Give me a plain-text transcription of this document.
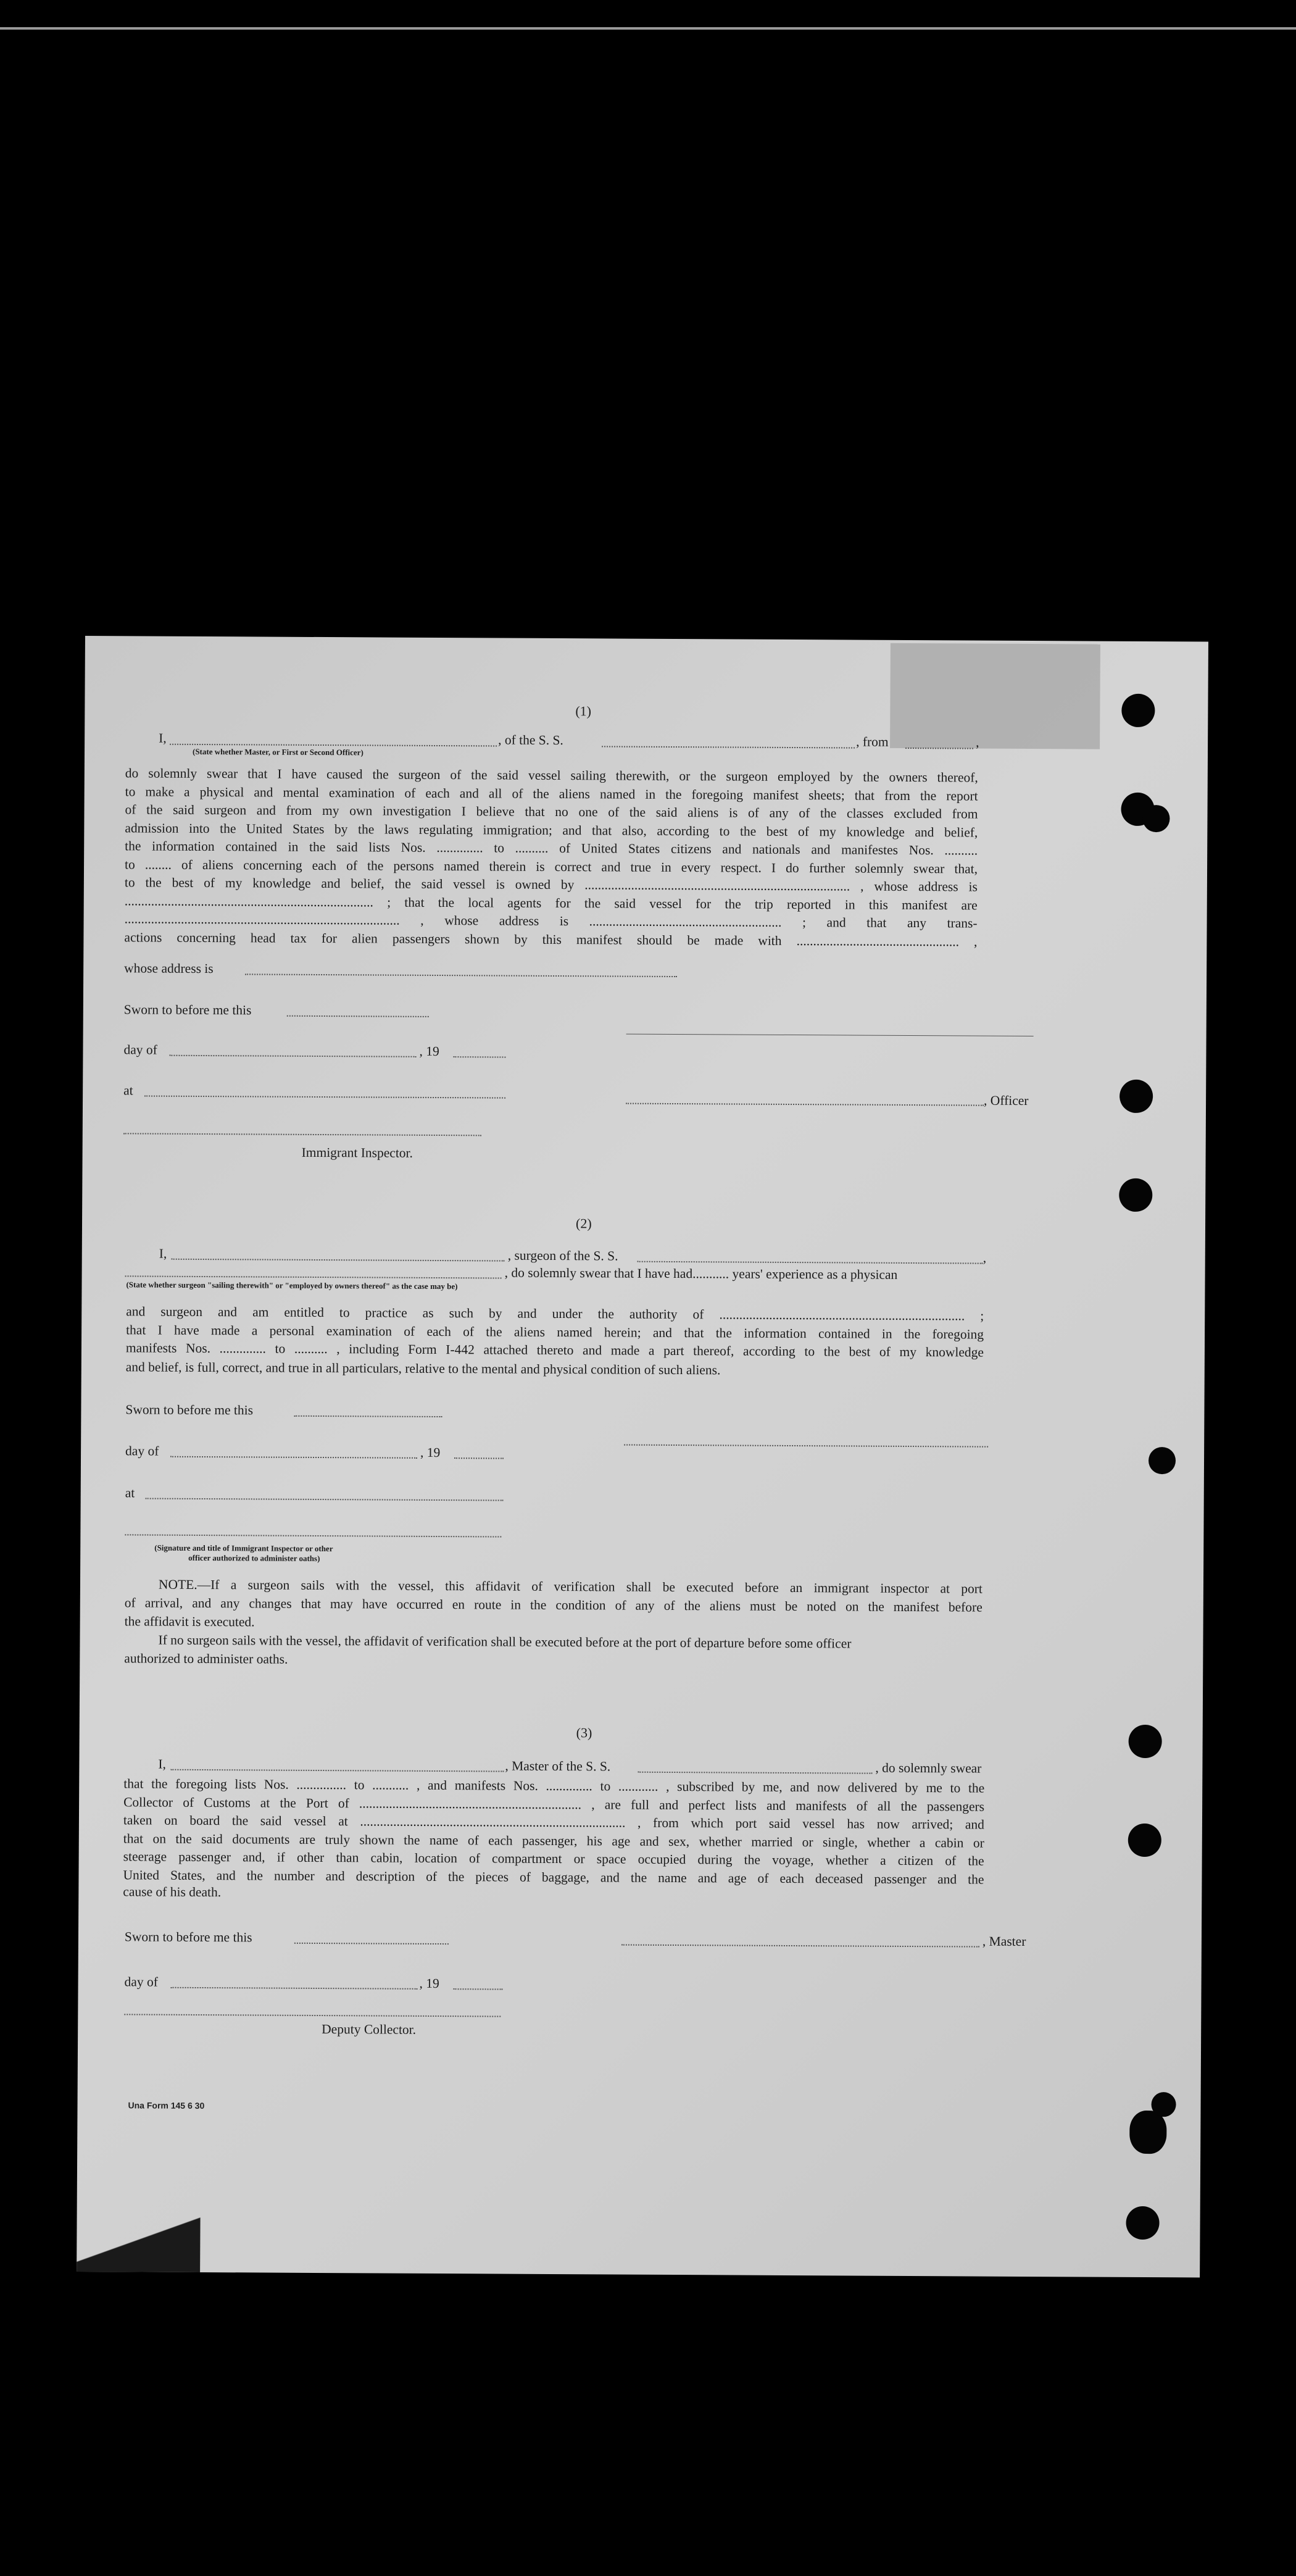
(1)
I,	, of the S. S.	, from	,
(State whether Master, or First or Second Officer)
do solemnly swear that I have caused the surgeon of the said vessel sailing therewith, or the surgeon employed by the owners thereof,
to make a physical and mental examination of each and all of the aliens named in the foregoing manifest sheets; that from the report
of the said surgeon and from my own investigation I believe that no one of the said aliens is of any of the classes excluded from
admission into the United States by the laws regulating immigration; and that also, according to the best of my knowledge and belief,
the information contained in the said lists Nos. .............. to .......... of United States citizens and nationals and manifestes Nos. ..........
to ........ of aliens concerning each of the persons named therein is correct and true in every respect. I do further solemnly swear that,
to the best of my knowledge and belief, the said vessel is owned by ................................................................................ , whose address is
........................................................................... ; that the local agents for the said vessel for the trip reported in this manifest are
................................................................................... , whose address is .......................................................... ; and that any trans-
actions concerning head tax for alien passengers shown by this manifest should be made with ................................................. ,
whose address is
Sworn to before me this
day of	, 19
at
, Officer
Immigrant Inspector.
(2)
I,	, surgeon of the S. S.	,
, do solemnly swear that I have had........... years' experience as a physican
(State whether surgeon "sailing therewith" or "employed by owners thereof" as the case may be)
and surgeon and am entitled to practice as such by and under the authority of .......................................................................... ;
that I have made a personal examination of each of the aliens named herein; and that the information contained in the foregoing
manifests Nos. .............. to .......... , including Form I-442 attached thereto and made a part thereof, according to the best of my knowledge
and belief, is full, correct, and true in all particulars, relative to the mental and physical condition of such aliens.
Sworn to before me this
day of	, 19
at
(Signature and title of Immigrant Inspector or other
officer authorized to administer oaths)
NOTE.—If a surgeon sails with the vessel, this affidavit of verification shall be executed before an immigrant inspector at port
of arrival, and any changes that may have occurred en route in the condition of any of the aliens must be noted on the manifest before
the affidavit is executed.
If no surgeon sails with the vessel, the affidavit of verification shall be executed before at the port of departure before some officer
authorized to administer oaths.
(3)
I,	, Master of the S. S.	, do solemnly swear
that the foregoing lists Nos. ............... to ........... , and manifests Nos. .............. to ............ , subscribed by me, and now delivered by me to the
Collector of Customs at the Port of ................................................................... , are full and perfect lists and manifests of all the passengers
taken on board the said vessel at ................................................................................ , from which port said vessel has now arrived; and
that on the said documents are truly shown the name of each passenger, his age and sex, whether married or single, whether a cabin or
steerage passenger and, if other than cabin, location of compartment or space occupied during the voyage, whether a citizen of the
United States, and the number and description of the pieces of baggage, and the name and age of each deceased passenger and the
cause of his death.
Sworn to before me this	, Master
day of	, 19
Deputy Collector.
Una Form 145 6 30
